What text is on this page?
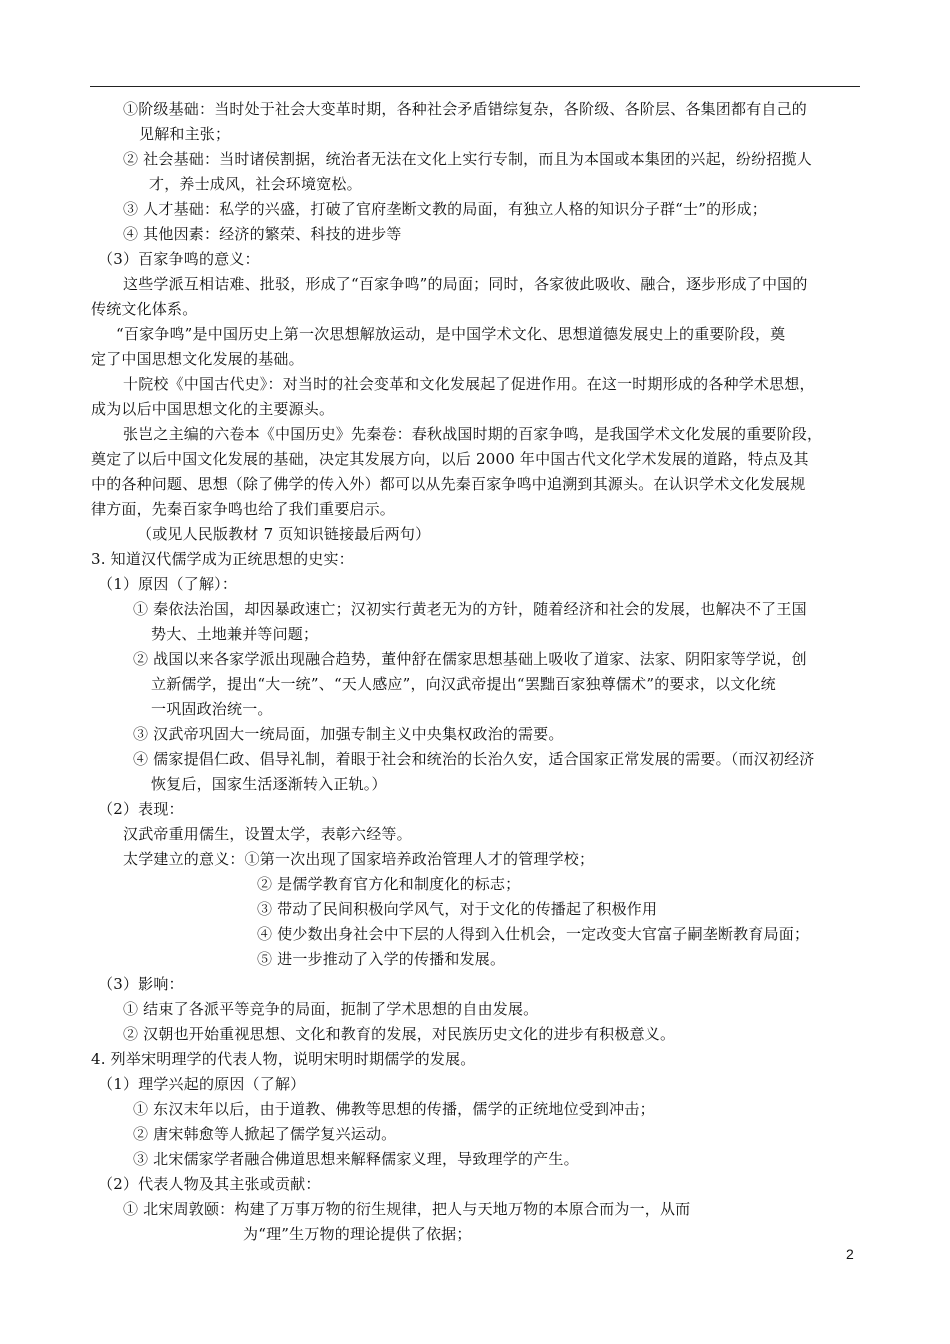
①阶级基础：当时处于社会大变革时期，各种社会矛盾错综复杂，各阶级、各阶层、各集团都有自己的
见解和主张；
② 社会基础：当时诸侯割据，统治者无法在文化上实行专制，而且为本国或本集团的兴起，纷纷招揽人
才，养士成风，社会环境宽松。
③ 人才基础：私学的兴盛，打破了官府垄断文教的局面，有独立人格的知识分子群“士”的形成；
④ 其他因素：经济的繁荣、科技的进步等
（3）百家争鸣的意义：
这些学派互相诘难、批驳，形成了“百家争鸣”的局面；同时，各家彼此吸收、融合，逐步形成了中国的
传统文化体系。
“百家争鸣”是中国历史上第一次思想解放运动，是中国学术文化、思想道德发展史上的重要阶段，奠
定了中国思想文化发展的基础。
十院校《中国古代史》：对当时的社会变革和文化发展起了促进作用。在这一时期形成的各种学术思想，
成为以后中国思想文化的主要源头。
张岂之主编的六卷本《中国历史》先秦卷：春秋战国时期的百家争鸣，是我国学术文化发展的重要阶段，
奠定了以后中国文化发展的基础，决定其发展方向，以后 2000 年中国古代文化学术发展的道路，特点及其
中的各种问题、思想（除了佛学的传入外）都可以从先秦百家争鸣中追溯到其源头。在认识学术文化发展规
律方面，先秦百家争鸣也给了我们重要启示。
（或见人民版教材 7 页知识链接最后两句）
3. 知道汉代儒学成为正统思想的史实：
（1）原因（了解）：
① 秦依法治国，却因暴政速亡；汉初实行黄老无为的方针，随着经济和社会的发展，也解决不了王国
势大、土地兼并等问题；
② 战国以来各家学派出现融合趋势，董仲舒在儒家思想基础上吸收了道家、法家、阴阳家等学说，创
立新儒学，提出“大一统”、“天人感应”，向汉武帝提出“罢黜百家独尊儒术”的要求，以文化统
一巩固政治统一。
③ 汉武帝巩固大一统局面，加强专制主义中央集权政治的需要。
④ 儒家提倡仁政、倡导礼制，着眼于社会和统治的长治久安，适合国家正常发展的需要。（而汉初经济
恢复后，国家生活逐渐转入正轨。）
（2）表现：
汉武帝重用儒生，设置太学，表彰六经等。
太学建立的意义：①第一次出现了国家培养政治管理人才的管理学校；
② 是儒学教育官方化和制度化的标志；
③ 带动了民间积极向学风气，对于文化的传播起了积极作用
④ 使少数出身社会中下层的人得到入仕机会，一定改变大官富子嗣垄断教育局面；
⑤ 进一步推动了入学的传播和发展。
（3）影响：
① 结束了各派平等竞争的局面，扼制了学术思想的自由发展。
② 汉朝也开始重视思想、文化和教育的发展，对民族历史文化的进步有积极意义。
4. 列举宋明理学的代表人物，说明宋明时期儒学的发展。
（1）理学兴起的原因（了解）
① 东汉末年以后，由于道教、佛教等思想的传播，儒学的正统地位受到冲击；
② 唐宋韩愈等人掀起了儒学复兴运动。
③ 北宋儒家学者融合佛道思想来解释儒家义理，导致理学的产生。
（2）代表人物及其主张或贡献：
① 北宋周敦颐：构建了万事万物的衍生规律，把人与天地万物的本原合而为一，从而
为“理”生万物的理论提供了依据；
2
